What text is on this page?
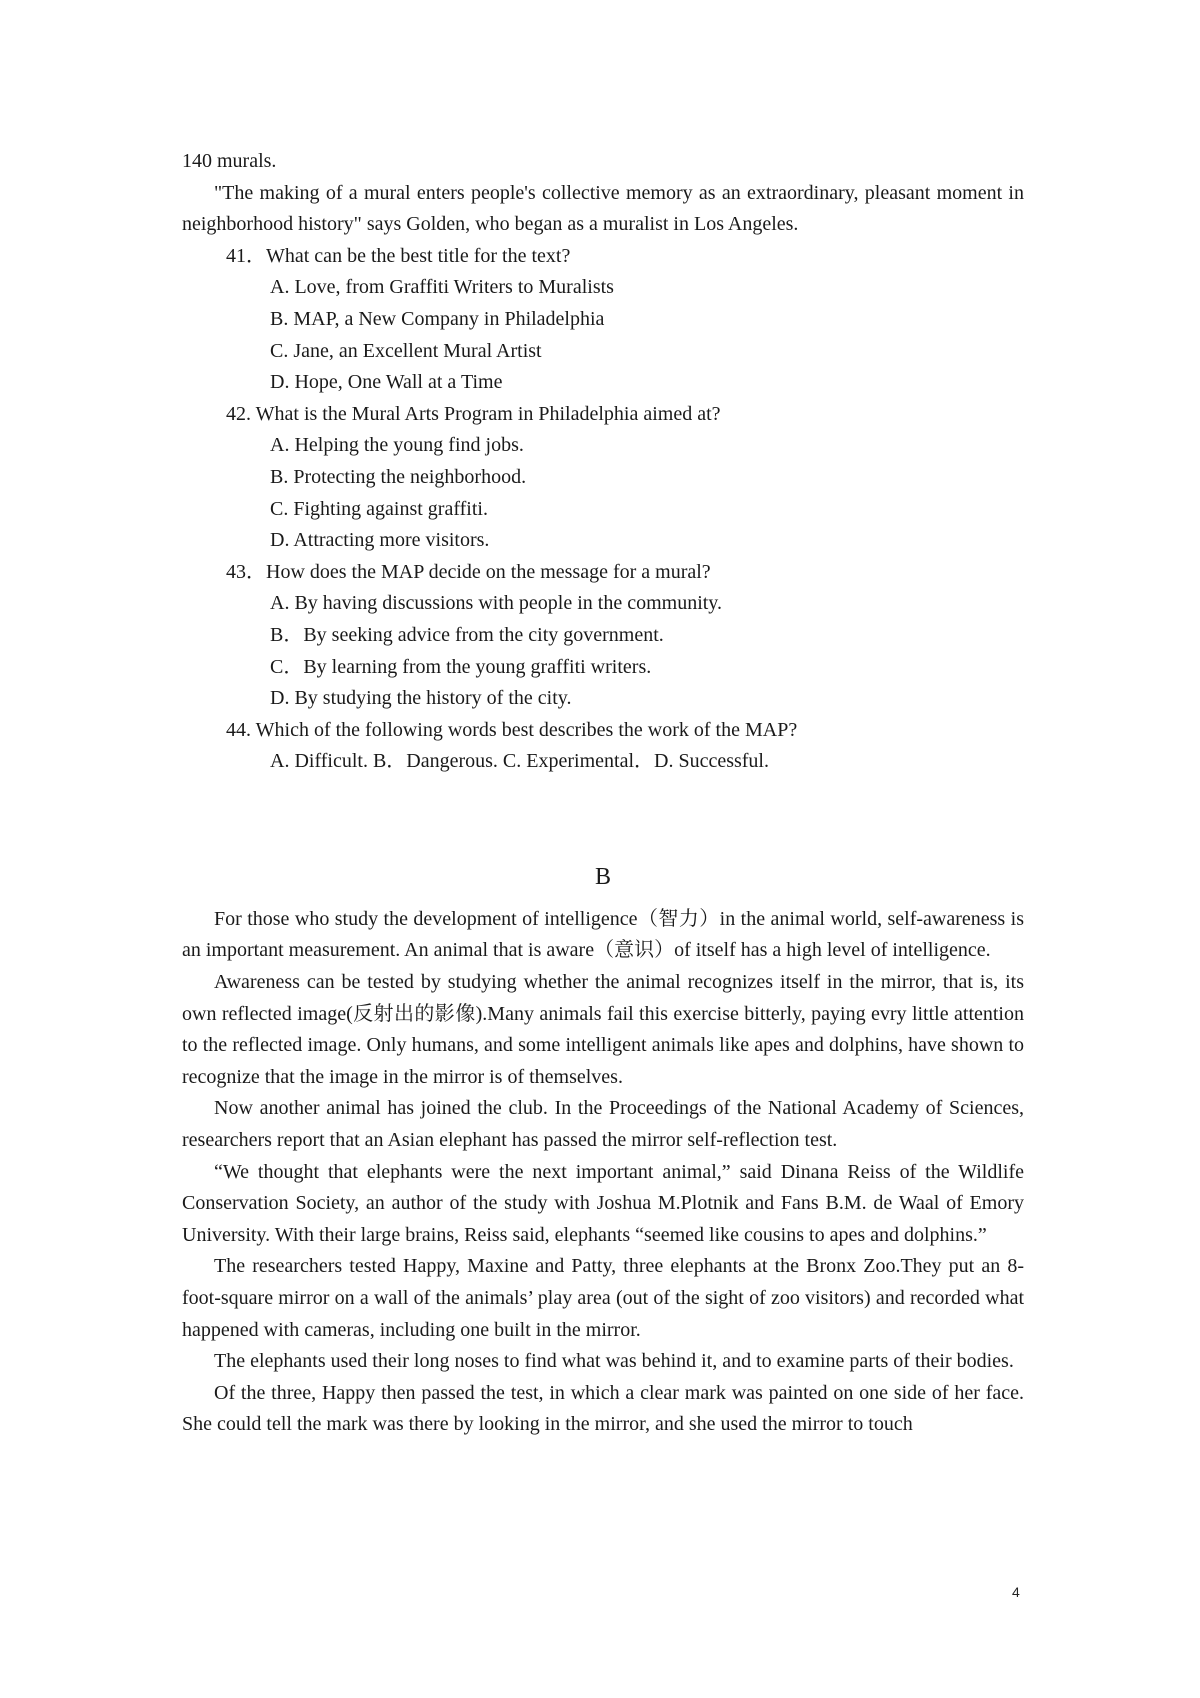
140 murals.

"The making of a mural enters people's collective memory as an extraordinary, pleasant moment in neighborhood history" says Golden, who began as a muralist in Los Angeles.

41．What can be the best title for the text?

A. Love, from Graffiti Writers to Muralists

B. MAP, a New Company in Philadelphia

C. Jane, an Excellent Mural Artist

D. Hope, One Wall at a Time

42. What is the Mural Arts Program in Philadelphia aimed at?

A. Helping the young find jobs.

B. Protecting the neighborhood.

C. Fighting against graffiti.

D. Attracting more visitors.

43．How does the MAP decide on the message for a mural?

A. By having discussions with people in the community.

B．By seeking advice from the city government.

C．By learning from the young graffiti writers.

D. By studying the history of the city.

44. Which of the following words best describes the work of the MAP?

A. Difficult. B．Dangerous. C. Experimental．D. Successful.

B

For those who study the development of intelligence（智力）in the animal world, self-awareness is an important measurement. An animal that is aware（意识）of itself has a high level of intelligence.

Awareness can be tested by studying whether the animal recognizes itself in the mirror, that is, its own reflected image(反射出的影像).Many animals fail this exercise bitterly, paying evry little attention to the reflected image. Only humans, and some intelligent animals like apes and dolphins, have shown to recognize that the image in the mirror is of themselves.

Now another animal has joined the club. In the Proceedings of the National Academy of Sciences, researchers report that an Asian elephant has passed the mirror self-reflection test.

“We thought that elephants were the next important animal,” said Dinana Reiss of the Wildlife Conservation Society, an author of the study with Joshua M.Plotnik and Fans B.M. de Waal of Emory University. With their large brains, Reiss said, elephants “seemed like cousins to apes and dolphins.”

The researchers tested Happy, Maxine and Patty, three elephants at the Bronx Zoo.They put an 8-foot-square mirror on a wall of the animals’ play area (out of the sight of zoo visitors) and recorded what happened with cameras, including one built in the mirror.

The elephants used their long noses to find what was behind it, and to examine parts of their bodies.

Of the three, Happy then passed the test, in which a clear mark was painted on one side of her face. She could tell the mark was there by looking in the mirror, and she used the mirror to touch

4
